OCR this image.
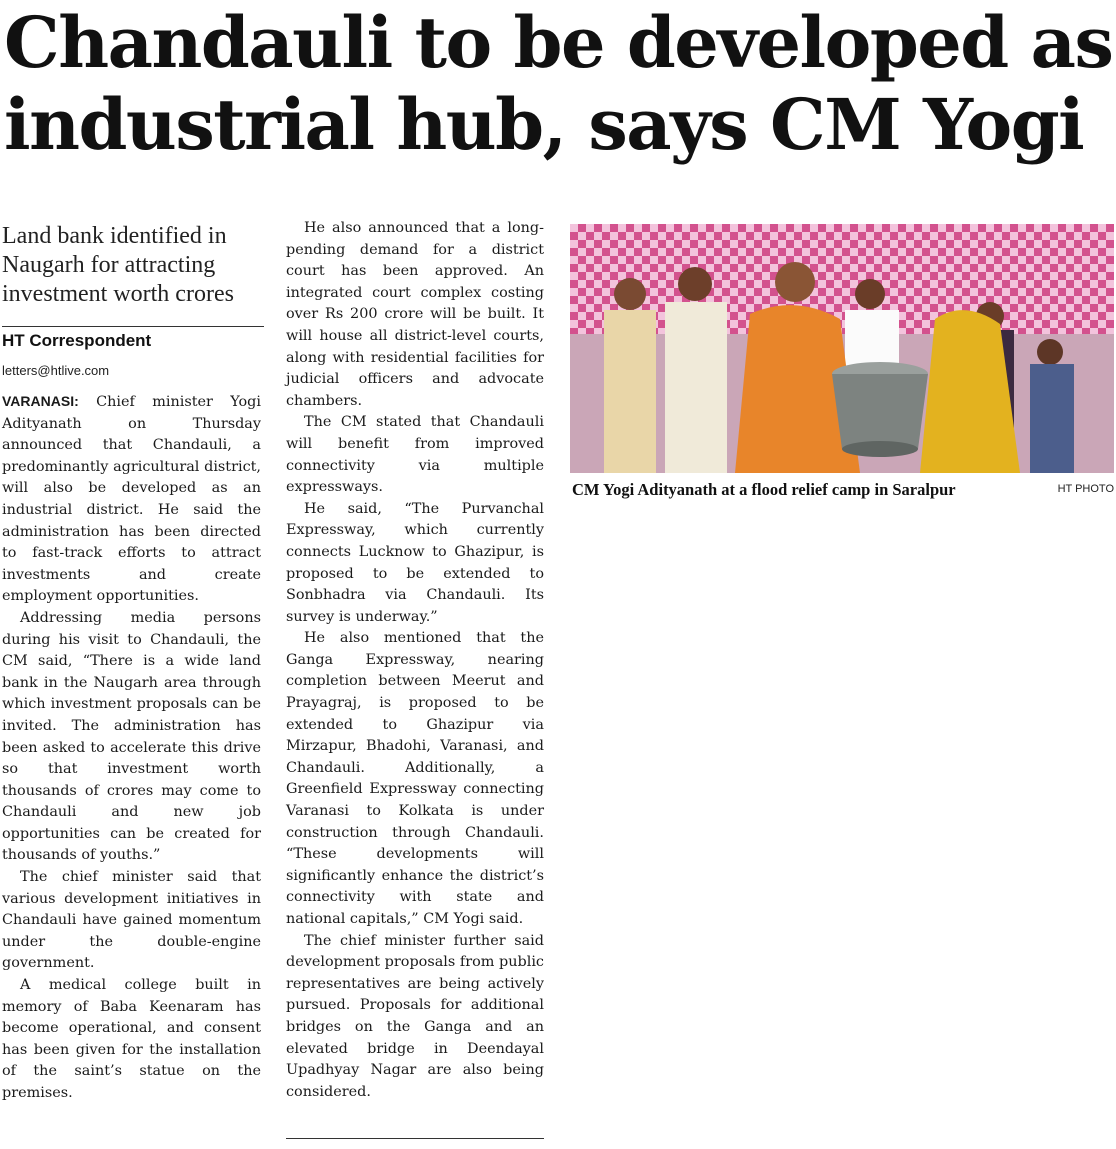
Chandauli to be developed as
industrial hub, says CM Yogi

Land bank identified in Naugarh for attracting investment worth crores

HT Correspondent
letters@htlive.com

VARANASI: Chief minister Yogi Adityanath on Thursday announced that Chandauli, a predominantly agricultural district, will also be developed as an industrial district. He said the administration has been directed to fast-track efforts to attract investments and create employment opportunities.

Addressing media persons during his visit to Chandauli, the CM said, “There is a wide land bank in the Naugarh area through which investment proposals can be invited. The administration has been asked to accelerate this drive so that investment worth thousands of crores may come to Chandauli and new job opportunities can be created for thousands of youths.”

The chief minister said that various development initiatives in Chandauli have gained momentum under the double-engine government.

A medical college built in memory of Baba Keenaram has become operational, and consent has been given for the installation of the saint’s statue on the premises.

He also announced that a long-pending demand for a district court has been approved. An integrated court complex costing over Rs 200 crore will be built. It will house all district-level courts, along with residential facilities for judicial officers and advocate chambers.

The CM stated that Chandauli will benefit from improved connectivity via multiple expressways.

He said, “The Purvanchal Expressway, which currently connects Lucknow to Ghazipur, is proposed to be extended to Sonbhadra via Chandauli. Its survey is underway.”

He also mentioned that the Ganga Expressway, nearing completion between Meerut and Prayagraj, is proposed to be extended to Ghazipur via Mirzapur, Bhadohi, Varanasi, and Chandauli. Additionally, a Greenfield Expressway connecting Varanasi to Kolkata is under construction through Chandauli. “These developments will significantly enhance the district’s connectivity with state and national capitals,” CM Yogi said.

The chief minister further said development proposals from public representatives are being actively pursued. Proposals for additional bridges on the Ganga and an elevated bridge in Deendayal Upadhyay Nagar are also being considered.

CM Yogi Adityanath at a flood relief camp in Saralpur	HT PHOTO
